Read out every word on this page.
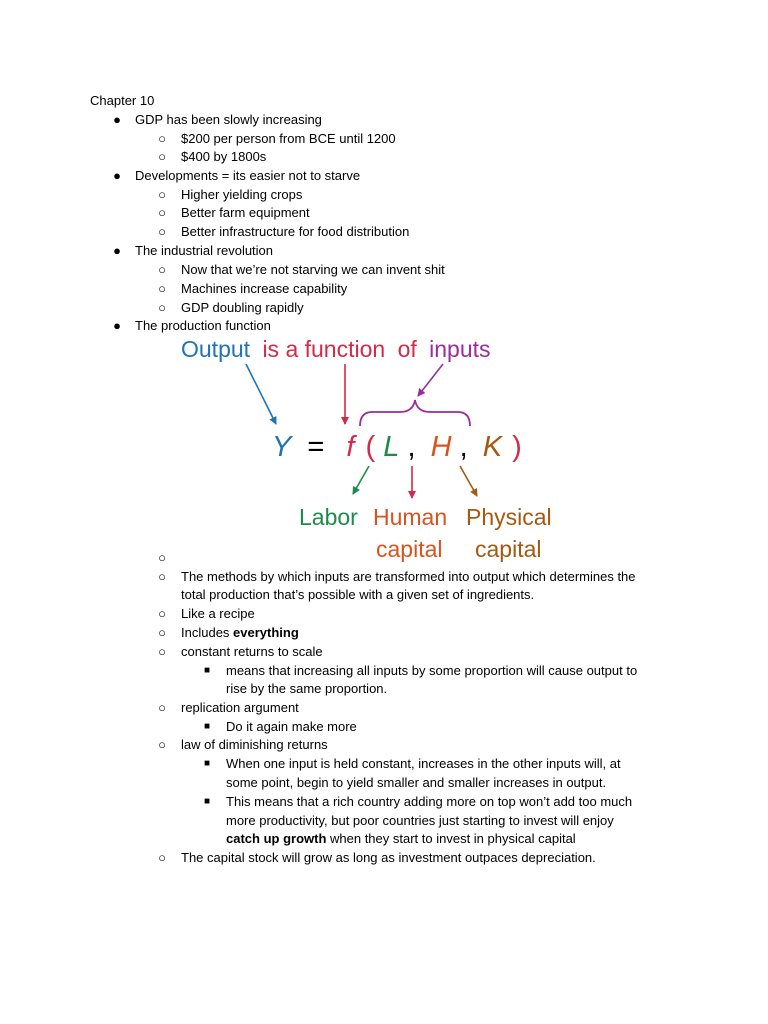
Chapter 10
● GDP has been slowly increasing
○ $200 per person from BCE until 1200
○ $400 by 1800s
● Developments = its easier not to starve
○ Higher yielding crops
○ Better farm equipment
○ Better infrastructure for food distribution
● The industrial revolution
○ Now that we’re not starving we can invent shit
○ Machines increase capability
○ GDP doubling rapidly
● The production function
Output is a function of inputs
Y = f ( L , H , K )
Labor Human
capital
Physical
capital
○
○ The methods by which inputs are transformed into output which determines the
total production that’s possible with a given set of ingredients.
○ Like a recipe
○ Includes everything
○ constant returns to scale
■ means that increasing all inputs by some proportion will cause output to
rise by the same proportion.
○ replication argument
■ Do it again make more
○ law of diminishing returns
■ When one input is held constant, increases in the other inputs will, at
some point, begin to yield smaller and smaller increases in output.
■ This means that a rich country adding more on top won’t add too much
more productivity, but poor countries just starting to invest will enjoy
catch up growth when they start to invest in physical capital
○ The capital stock will grow as long as investment outpaces depreciation.
